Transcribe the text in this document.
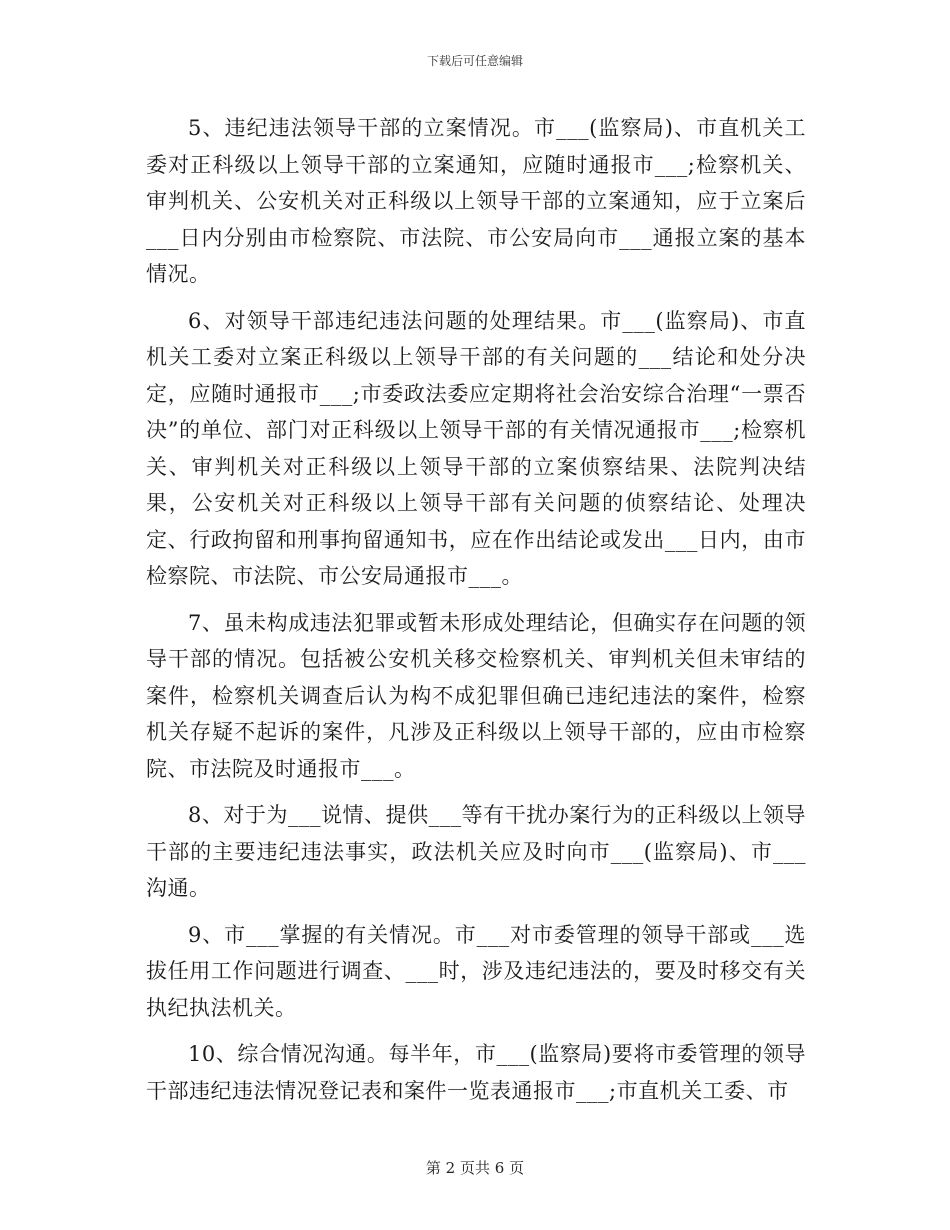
下载后可任意编辑

5、违纪违法领导干部的立案情况。市___(监察局)、市直机关工委对正科级以上领导干部的立案通知，应随时通报市___;检察机关、审判机关、公安机关对正科级以上领导干部的立案通知，应于立案后___日内分别由市检察院、市法院、市公安局向市___通报立案的基本情况。

6、对领导干部违纪违法问题的处理结果。市___(监察局)、市直机关工委对立案正科级以上领导干部的有关问题的___结论和处分决定，应随时通报市___;市委政法委应定期将社会治安综合治理“一票否决”的单位、部门对正科级以上领导干部的有关情况通报市___;检察机关、审判机关对正科级以上领导干部的立案侦察结果、法院判决结果，公安机关对正科级以上领导干部有关问题的侦察结论、处理决定、行政拘留和刑事拘留通知书，应在作出结论或发出___日内，由市检察院、市法院、市公安局通报市___。

7、虽未构成违法犯罪或暂未形成处理结论，但确实存在问题的领导干部的情况。包括被公安机关移交检察机关、审判机关但未审结的案件，检察机关调查后认为构不成犯罪但确已违纪违法的案件，检察机关存疑不起诉的案件，凡涉及正科级以上领导干部的，应由市检察院、市法院及时通报市___。

8、对于为___说情、提供___等有干扰办案行为的正科级以上领导干部的主要违纪违法事实，政法机关应及时向市___(监察局)、市___沟通。

9、市___掌握的有关情况。市___对市委管理的领导干部或___选拔任用工作问题进行调查、___时，涉及违纪违法的，要及时移交有关执纪执法机关。

10、综合情况沟通。每半年，市___(监察局)要将市委管理的领导干部违纪违法情况登记表和案件一览表通报市___;市直机关工委、市

第 2 页共 6 页
